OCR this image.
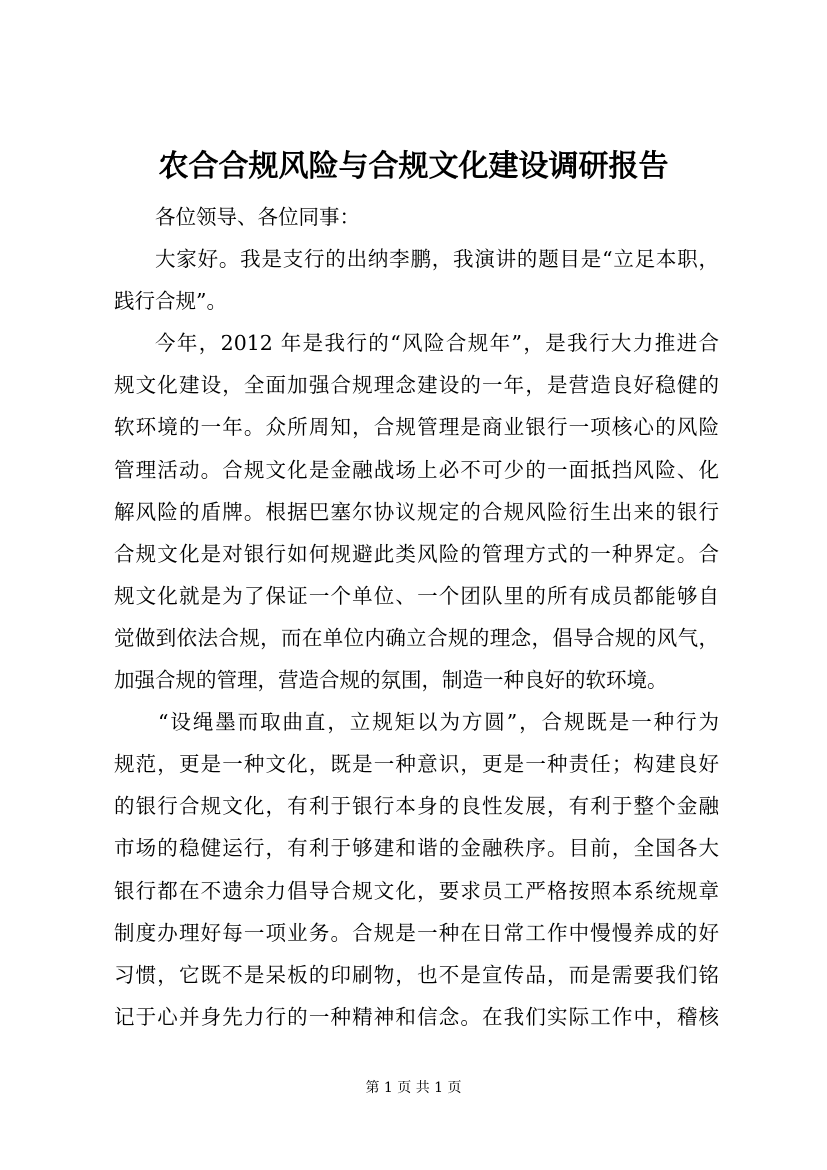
农合合规风险与合规文化建设调研报告
各位领导、各位同事：
大家好。我是支行的出纳李鹏，我演讲的题目是“立足本职，
践行合规”。
今年，2012 年是我行的“风险合规年”，是我行大力推进合
规文化建设，全面加强合规理念建设的一年，是营造良好稳健的
软环境的一年。众所周知，合规管理是商业银行一项核心的风险
管理活动。合规文化是金融战场上必不可少的一面抵挡风险、化
解风险的盾牌。根据巴塞尔协议规定的合规风险衍生出来的银行
合规文化是对银行如何规避此类风险的管理方式的一种界定。合
规文化就是为了保证一个单位、一个团队里的所有成员都能够自
觉做到依法合规，而在单位内确立合规的理念，倡导合规的风气，
加强合规的管理，营造合规的氛围，制造一种良好的软环境。
“设绳墨而取曲直，立规矩以为方圆”，合规既是一种行为
规范，更是一种文化，既是一种意识，更是一种责任；构建良好
的银行合规文化，有利于银行本身的良性发展，有利于整个金融
市场的稳健运行，有利于够建和谐的金融秩序。目前，全国各大
银行都在不遗余力倡导合规文化，要求员工严格按照本系统规章
制度办理好每一项业务。合规是一种在日常工作中慢慢养成的好
习惯，它既不是呆板的印刷物，也不是宣传品，而是需要我们铭
记于心并身先力行的一种精神和信念。在我们实际工作中，稽核
第 1 页 共 1 页
